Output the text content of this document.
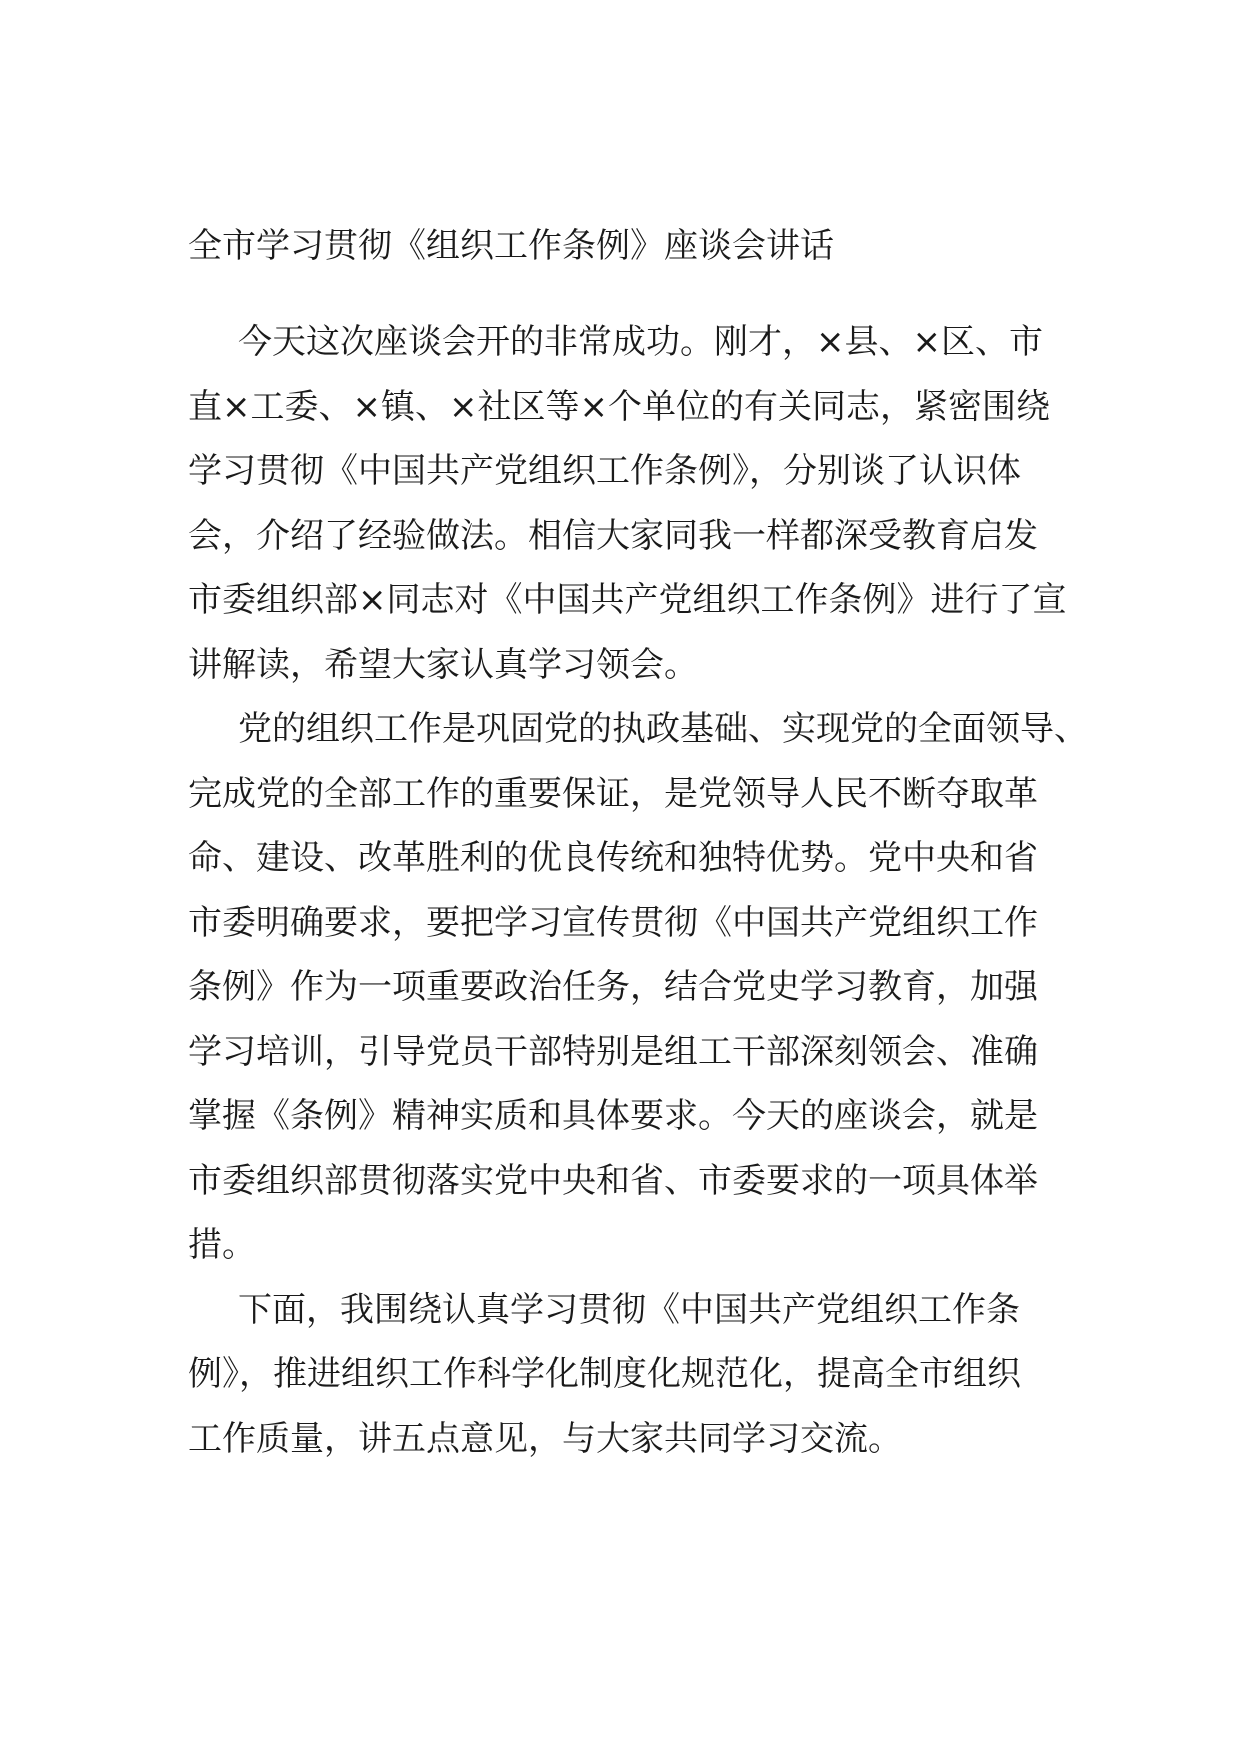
全市学习贯彻《组织工作条例》座谈会讲话

今天这次座谈会开的非常成功。刚才，×县、×区、市
直×工委、×镇、×社区等×个单位的有关同志，紧密围绕
学习贯彻《中国共产党组织工作条例》，分别谈了认识体
会，介绍了经验做法。相信大家同我一样都深受教育启发
市委组织部×同志对《中国共产党组织工作条例》进行了宣
讲解读，希望大家认真学习领会。

党的组织工作是巩固党的执政基础、实现党的全面领导、
完成党的全部工作的重要保证，是党领导人民不断夺取革
命、建设、改革胜利的优良传统和独特优势。党中央和省
市委明确要求，要把学习宣传贯彻《中国共产党组织工作
条例》作为一项重要政治任务，结合党史学习教育，加强
学习培训，引导党员干部特别是组工干部深刻领会、准确
掌握《条例》精神实质和具体要求。今天的座谈会，就是
市委组织部贯彻落实党中央和省、市委要求的一项具体举
措。

下面，我围绕认真学习贯彻《中国共产党组织工作条
例》，推进组织工作科学化制度化规范化，提高全市组织
工作质量，讲五点意见，与大家共同学习交流。
